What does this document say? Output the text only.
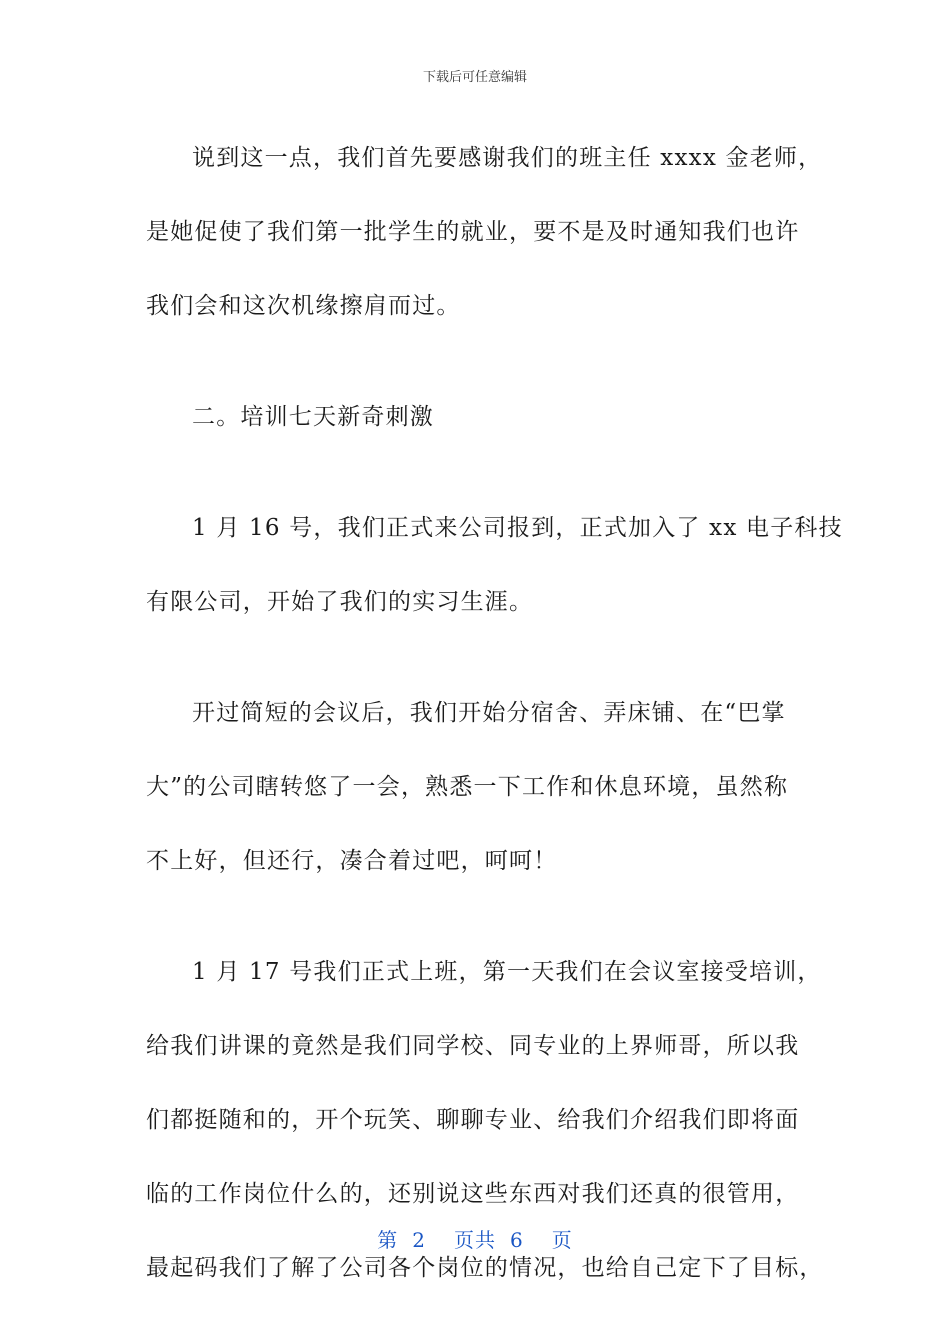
下载后可任意编辑
说到这一点，我们首先要感谢我们的班主任 xxxx 金老师，
是她促使了我们第一批学生的就业，要不是及时通知我们也许
我们会和这次机缘擦肩而过。
二。培训七天新奇刺激
1 月 16 号，我们正式来公司报到，正式加入了 xx 电子科技
有限公司，开始了我们的实习生涯。
开过简短的会议后，我们开始分宿舍、弄床铺、在“巴掌
大”的公司瞎转悠了一会，熟悉一下工作和休息环境，虽然称
不上好，但还行，凑合着过吧，呵呵！
1 月 17 号我们正式上班，第一天我们在会议室接受培训，
给我们讲课的竟然是我们同学校、同专业的上界师哥，所以我
们都挺随和的，开个玩笑、聊聊专业、给我们介绍我们即将面
临的工作岗位什么的，还别说这些东西对我们还真的很管用，
最起码我们了解了公司各个岗位的情况，也给自己定下了目标，
第 2 页共 6 页
